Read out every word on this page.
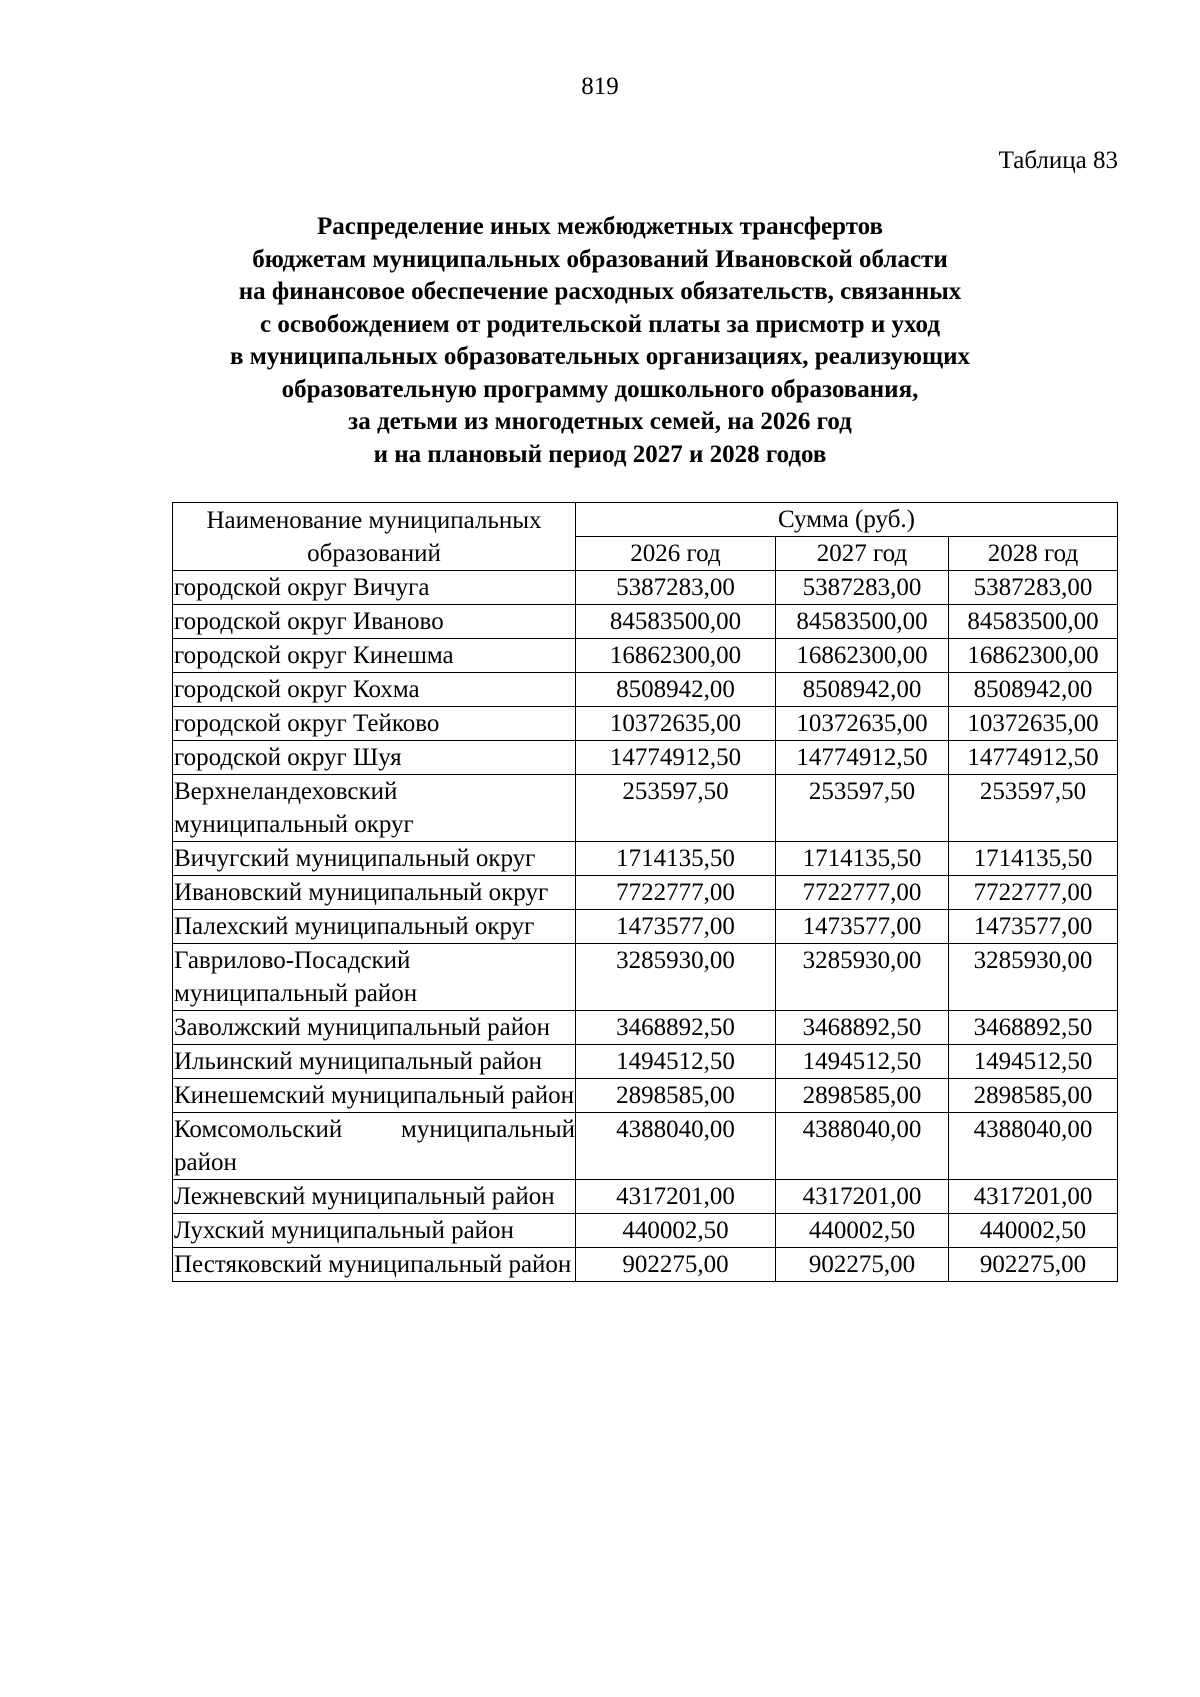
819
Таблица 83
Распределение иных межбюджетных трансфертов
бюджетам муниципальных образований Ивановской области
на финансовое обеспечение расходных обязательств, связанных
с освобождением от родительской платы за присмотр и уход
в муниципальных образовательных организациях, реализующих
образовательную программу дошкольного образования,
за детьми из многодетных семей, на 2026 год
и на плановый период 2027 и 2028 годов
Наименование муниципальных образований	Сумма (руб.)		
	2026 год	2027 год	2028 год
городской округ Вичуга	5387283,00	5387283,00	5387283,00
городской округ Иваново	84583500,00	84583500,00	84583500,00
городской округ Кинешма	16862300,00	16862300,00	16862300,00
городской округ Кохма	8508942,00	8508942,00	8508942,00
городской округ Тейково	10372635,00	10372635,00	10372635,00
городской округ Шуя	14774912,50	14774912,50	14774912,50
Верхнеландеховский муниципальный округ	253597,50	253597,50	253597,50
Вичугский муниципальный округ	1714135,50	1714135,50	1714135,50
Ивановский муниципальный округ	7722777,00	7722777,00	7722777,00
Палехский муниципальный округ	1473577,00	1473577,00	1473577,00
Гаврилово-Посадский муниципальный район	3285930,00	3285930,00	3285930,00
Заволжский муниципальный район	3468892,50	3468892,50	3468892,50
Ильинский муниципальный район	1494512,50	1494512,50	1494512,50
Кинешемский муниципальный район	2898585,00	2898585,00	2898585,00
Комсомольский муниципальный район	4388040,00	4388040,00	4388040,00
Лежневский муниципальный район	4317201,00	4317201,00	4317201,00
Лухский муниципальный район	440002,50	440002,50	440002,50
Пестяковский муниципальный район	902275,00	902275,00	902275,00
